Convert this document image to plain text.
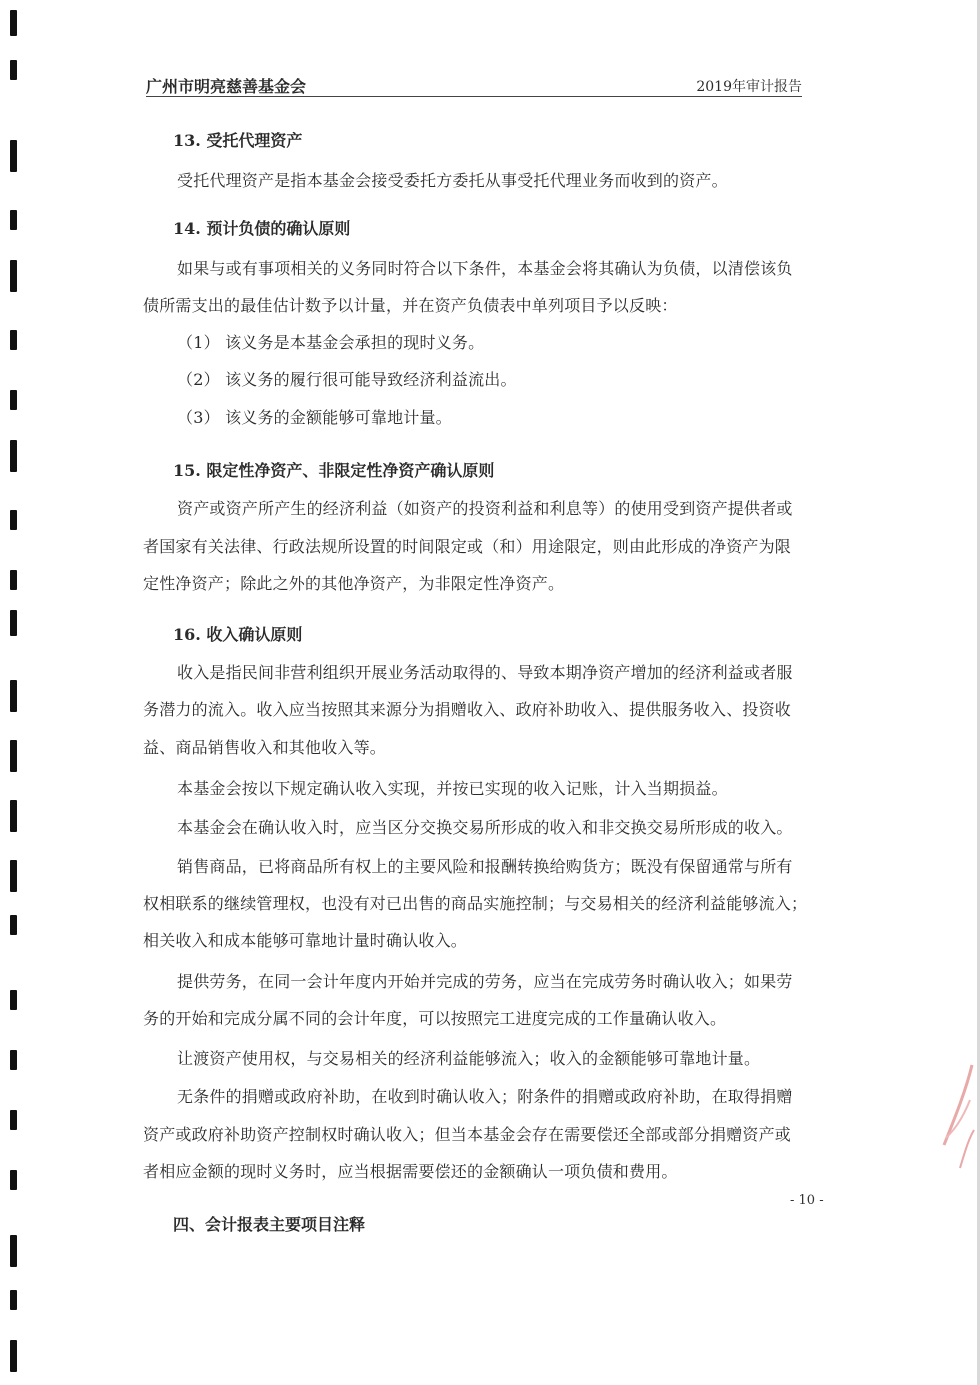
广州市明亮慈善基金会	2019年审计报告
13. 受托代理资产
受托代理资产是指本基金会接受委托方委托从事受托代理业务而收到的资产。
14. 预计负债的确认原则
如果与或有事项相关的义务同时符合以下条件，本基金会将其确认为负债，以清偿该负
债所需支出的最佳估计数予以计量，并在资产负债表中单列项目予以反映：
（1） 该义务是本基金会承担的现时义务。
（2） 该义务的履行很可能导致经济利益流出。
（3） 该义务的金额能够可靠地计量。
15. 限定性净资产、非限定性净资产确认原则
资产或资产所产生的经济利益（如资产的投资利益和利息等）的使用受到资产提供者或
者国家有关法律、行政法规所设置的时间限定或（和）用途限定，则由此形成的净资产为限
定性净资产；除此之外的其他净资产，为非限定性净资产。
16. 收入确认原则
收入是指民间非营利组织开展业务活动取得的、导致本期净资产增加的经济利益或者服
务潜力的流入。收入应当按照其来源分为捐赠收入、政府补助收入、提供服务收入、投资收
益、商品销售收入和其他收入等。
本基金会按以下规定确认收入实现，并按已实现的收入记账，计入当期损益。
本基金会在确认收入时，应当区分交换交易所形成的收入和非交换交易所形成的收入。
销售商品，已将商品所有权上的主要风险和报酬转换给购货方；既没有保留通常与所有
权相联系的继续管理权，也没有对已出售的商品实施控制；与交易相关的经济利益能够流入；
相关收入和成本能够可靠地计量时确认收入。
提供劳务，在同一会计年度内开始并完成的劳务，应当在完成劳务时确认收入；如果劳
务的开始和完成分属不同的会计年度，可以按照完工进度完成的工作量确认收入。
让渡资产使用权，与交易相关的经济利益能够流入；收入的金额能够可靠地计量。
无条件的捐赠或政府补助，在收到时确认收入；附条件的捐赠或政府补助，在取得捐赠
资产或政府补助资产控制权时确认收入；但当本基金会存在需要偿还全部或部分捐赠资产或
者相应金额的现时义务时，应当根据需要偿还的金额确认一项负债和费用。
四、会计报表主要项目注释
- 10 -
